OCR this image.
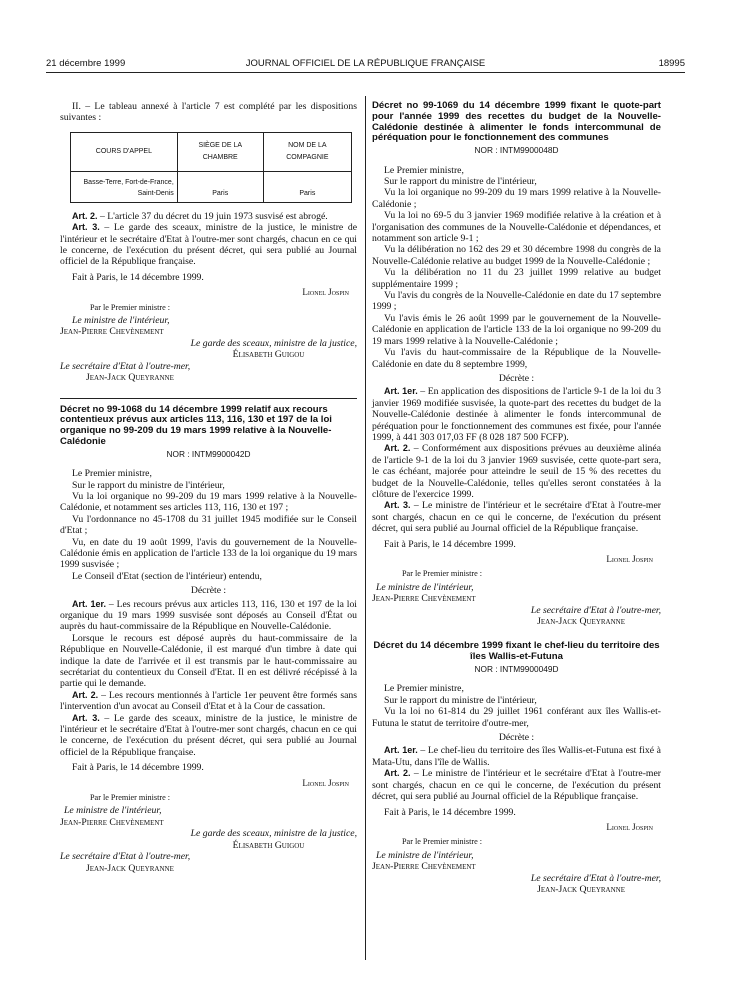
21 décembre 1999	JOURNAL OFFICIEL DE LA RÉPUBLIQUE FRANÇAISE	18995

II. – Le tableau annexé à l'article 7 est complété par les dispositions suivantes :

COURS D'APPEL	SIÈGE DE LA CHAMBRE	NOM DE LA COMPAGNIE
Basse-Terre, Fort-de-France, Saint-Denis	Paris	Paris

Art. 2. – L'article 37 du décret du 19 juin 1973 susvisé est abrogé.

Art. 3. – Le garde des sceaux, ministre de la justice, le ministre de l'intérieur et le secrétaire d'Etat à l'outre-mer sont chargés, chacun en ce qui le concerne, de l'exécution du présent décret, qui sera publié au Journal officiel de la République française.

Fait à Paris, le 14 décembre 1999.

Lionel Jospin
Par le Premier ministre :
Le ministre de l'intérieur,
Jean-Pierre Chevènement
Le garde des sceaux, ministre de la justice,
Élisabeth Guigou
Le secrétaire d'Etat à l'outre-mer,
Jean-Jack Queyranne
Décret no 99-1068 du 14 décembre 1999 relatif aux recours contentieux prévus aux articles 113, 116, 130 et 197 de la loi organique no 99-209 du 19 mars 1999 relative à la Nouvelle-Calédonie
NOR : INTM9900042D

Le Premier ministre,

Sur le rapport du ministre de l'intérieur,

Vu la loi organique no 99-209 du 19 mars 1999 relative à la Nouvelle-Calédonie, et notamment ses articles 113, 116, 130 et 197 ;

Vu l'ordonnance no 45-1708 du 31 juillet 1945 modifiée sur le Conseil d'Etat ;

Vu, en date du 19 août 1999, l'avis du gouvernement de la Nouvelle-Calédonie émis en application de l'article 133 de la loi organique du 19 mars 1999 susvisée ;

Le Conseil d'Etat (section de l'intérieur) entendu,

Décrète :

Art. 1er. – Les recours prévus aux articles 113, 116, 130 et 197 de la loi organique du 19 mars 1999 susvisée sont déposés au Conseil d'État ou auprès du haut-commissaire de la République en Nouvelle-Calédonie.

Lorsque le recours est déposé auprès du haut-commissaire de la République en Nouvelle-Calédonie, il est marqué d'un timbre à date qui indique la date de l'arrivée et il est transmis par le haut-commissaire au secrétariat du contentieux du Conseil d'Etat. Il en est délivré récépissé à la partie qui le demande.

Art. 2. – Les recours mentionnés à l'article 1er peuvent être formés sans l'intervention d'un avocat au Conseil d'Etat et à la Cour de cassation.

Art. 3. – Le garde des sceaux, ministre de la justice, le ministre de l'intérieur et le secrétaire d'Etat à l'outre-mer sont chargés, chacun en ce qui le concerne, de l'exécution du présent décret, qui sera publié au Journal officiel de la République française.

Fait à Paris, le 14 décembre 1999.

Lionel Jospin
Par le Premier ministre :
Le ministre de l'intérieur,
Jean-Pierre Chevènement
Le garde des sceaux, ministre de la justice,
Élisabeth Guigou
Le secrétaire d'Etat à l'outre-mer,
Jean-Jack Queyranne
Décret no 99-1069 du 14 décembre 1999 fixant le quote-part pour l'année 1999 des recettes du budget de la Nouvelle-Calédonie destinée à alimenter le fonds intercommunal de péréquation pour le fonctionnement des communes
NOR : INTM9900048D

Le Premier ministre,

Sur le rapport du ministre de l'intérieur,

Vu la loi organique no 99-209 du 19 mars 1999 relative à la Nouvelle-Calédonie ;

Vu la loi no 69-5 du 3 janvier 1969 modifiée relative à la création et à l'organisation des communes de la Nouvelle-Calédonie et dépendances, et notamment son article 9-1 ;

Vu la délibération no 162 des 29 et 30 décembre 1998 du congrès de la Nouvelle-Calédonie relative au budget 1999 de la Nouvelle-Calédonie ;

Vu la délibération no 11 du 23 juillet 1999 relative au budget supplémentaire 1999 ;

Vu l'avis du congrès de la Nouvelle-Calédonie en date du 17 septembre 1999 ;

Vu l'avis émis le 26 août 1999 par le gouvernement de la Nouvelle-Calédonie en application de l'article 133 de la loi organique no 99-209 du 19 mars 1999 relative à la Nouvelle-Calédonie ;

Vu l'avis du haut-commissaire de la République de la Nouvelle-Calédonie en date du 8 septembre 1999,

Décrète :

Art. 1er. – En application des dispositions de l'article 9-1 de la loi du 3 janvier 1969 modifiée susvisée, la quote-part des recettes du budget de la Nouvelle-Calédonie destinée à alimenter le fonds intercommunal de péréquation pour le fonctionnement des communes est fixée, pour l'année 1999, à 441 303 017,03 FF (8 028 187 500 FCFP).

Art. 2. – Conformément aux dispositions prévues au deuxième alinéa de l'article 9-1 de la loi du 3 janvier 1969 susvisée, cette quote-part sera, le cas échéant, majorée pour atteindre le seuil de 15 % des recettes du budget de la Nouvelle-Calédonie, telles qu'elles seront constatées à la clôture de l'exercice 1999.

Art. 3. – Le ministre de l'intérieur et le secrétaire d'Etat à l'outre-mer sont chargés, chacun en ce qui le concerne, de l'exécution du présent décret, qui sera publié au Journal officiel de la République française.

Fait à Paris, le 14 décembre 1999.

Lionel Jospin
Par le Premier ministre :
Le ministre de l'intérieur,
Jean-Pierre Chevènement
Le secrétaire d'Etat à l'outre-mer,
Jean-Jack Queyranne
Décret du 14 décembre 1999 fixant le chef-lieu du territoire des îles Wallis-et-Futuna
NOR : INTM9900049D

Le Premier ministre,

Sur le rapport du ministre de l'intérieur,

Vu la loi no 61-814 du 29 juillet 1961 conférant aux îles Wallis-et-Futuna le statut de territoire d'outre-mer,

Décrète :

Art. 1er. – Le chef-lieu du territoire des îles Wallis-et-Futuna est fixé à Mata-Utu, dans l'île de Wallis.

Art. 2. – Le ministre de l'intérieur et le secrétaire d'Etat à l'outre-mer sont chargés, chacun en ce qui le concerne, de l'exécution du présent décret, qui sera publié au Journal officiel de la République française.

Fait à Paris, le 14 décembre 1999.

Lionel Jospin
Par le Premier ministre :
Le ministre de l'intérieur,
Jean-Pierre Chevènement
Le secrétaire d'Etat à l'outre-mer,
Jean-Jack Queyranne
